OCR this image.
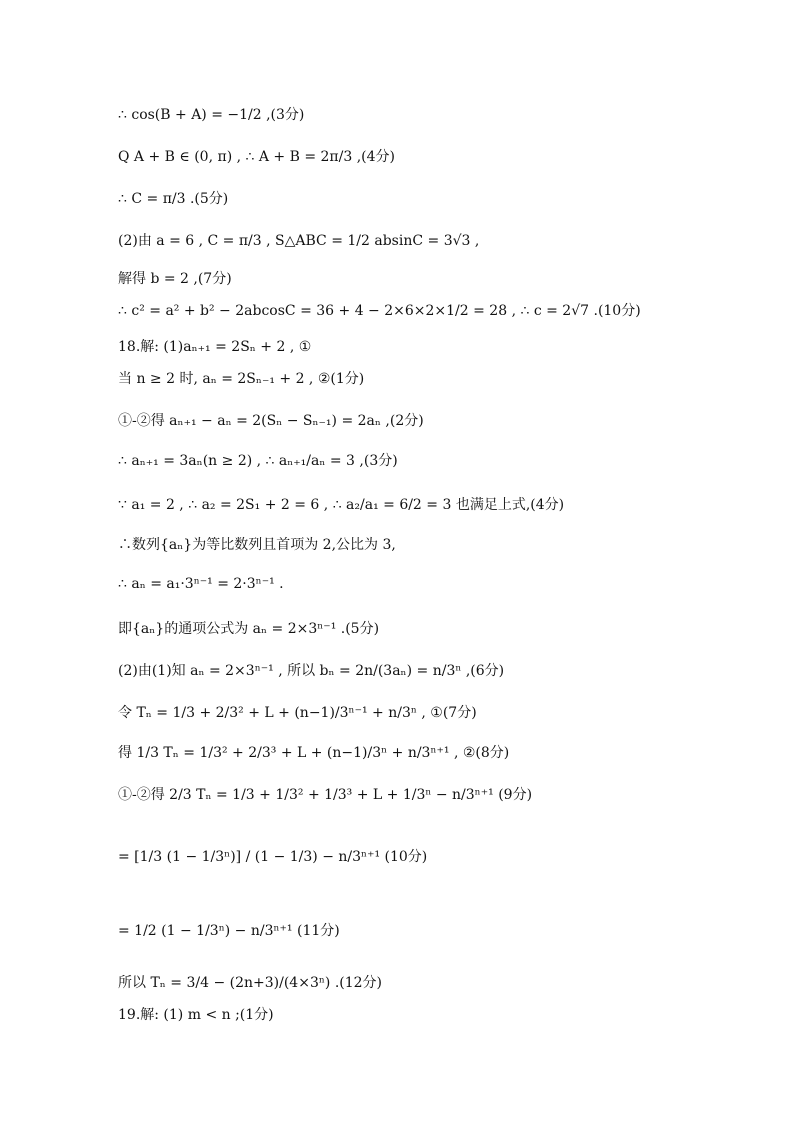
∴ cos(B + A) = −1/2 ,(3分)
Q A + B ∈ (0, π) , ∴ A + B = 2π/3 ,(4分)
∴ C = π/3 .(5分)
(2)由 a = 6 , C = π/3 , S△ABC = 1/2 absinC = 3√3 ,
解得 b = 2 ,(7分)
∴ c² = a² + b² − 2abcosC = 36 + 4 − 2×6×2×1/2 = 28 , ∴ c = 2√7 .(10分)
18.解: (1)aₙ₊₁ = 2Sₙ + 2 , ①
当 n ≥ 2 时, aₙ = 2Sₙ₋₁ + 2 , ②(1分)
①-②得 aₙ₊₁ − aₙ = 2(Sₙ − Sₙ₋₁) = 2aₙ ,(2分)
∴ aₙ₊₁ = 3aₙ(n ≥ 2) , ∴ aₙ₊₁/aₙ = 3 ,(3分)
∵ a₁ = 2 , ∴ a₂ = 2S₁ + 2 = 6 , ∴ a₂/a₁ = 6/2 = 3 也满足上式,(4分)
∴数列{aₙ}为等比数列且首项为 2,公比为 3,
∴ aₙ = a₁·3ⁿ⁻¹ = 2·3ⁿ⁻¹ .
即{aₙ}的通项公式为 aₙ = 2×3ⁿ⁻¹ .(5分)
(2)由(1)知 aₙ = 2×3ⁿ⁻¹ , 所以 bₙ = 2n/(3aₙ) = n/3ⁿ ,(6分)
令 Tₙ = 1/3 + 2/3² + L + (n−1)/3ⁿ⁻¹ + n/3ⁿ , ①(7分)
得 1/3 Tₙ = 1/3² + 2/3³ + L + (n−1)/3ⁿ + n/3ⁿ⁺¹ , ②(8分)
①-②得 2/3 Tₙ = 1/3 + 1/3² + 1/3³ + L + 1/3ⁿ − n/3ⁿ⁺¹ (9分)
= [1/3 (1 − 1/3ⁿ)] / (1 − 1/3) − n/3ⁿ⁺¹ (10分)
= 1/2 (1 − 1/3ⁿ) − n/3ⁿ⁺¹ (11分)
所以 Tₙ = 3/4 − (2n+3)/(4×3ⁿ) .(12分)
19.解: (1) m < n ;(1分)
